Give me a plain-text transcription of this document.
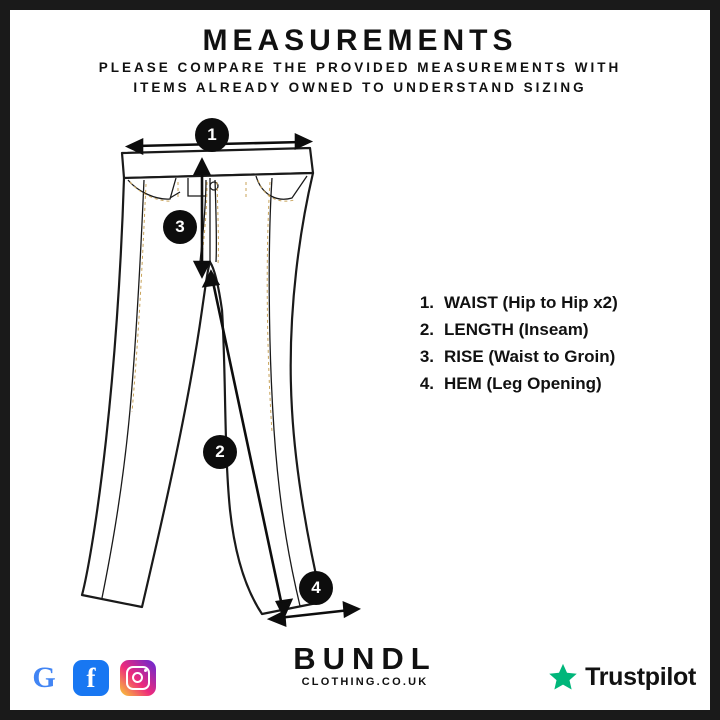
MEASUREMENTS
PLEASE COMPARE THE PROVIDED MEASUREMENTS WITH
ITEMS ALREADY OWNED TO UNDERSTAND SIZING
1
3
2
4
1. WAIST (Hip to Hip x2)
2. LENGTH (Inseam)
3. RISE (Waist to Groin)
4. HEM (Leg Opening)
BUNDL
CLOTHING.CO.UK
G f	Trustpilot
